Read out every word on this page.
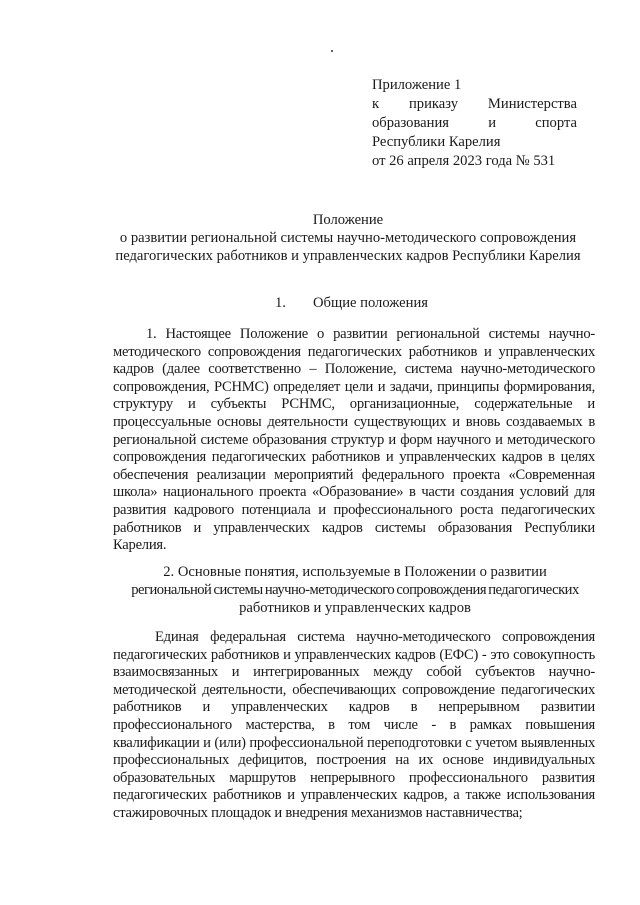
Приложение 1
к приказу Министерства
образования	и	спорта
Республики Карелия
от 26 апреля 2023 года № 531
Положение
о развитии региональной системы научно-методического сопровождения
педагогических работников и управленческих кадров Республики Карелия
1. Общие положения
1. Настоящее Положение о развитии региональной системы научно-методического сопровождения педагогических работников и управленческих кадров (далее соответственно – Положение, система научно-методического сопровождения, РСНМС) определяет цели и задачи, принципы формирования, структуру и субъекты РСНМС, организационные, содержательные и процессуальные основы деятельности существующих и вновь создаваемых в региональной системе образования структур и форм научного и методического сопровождения педагогических работников и управленческих кадров в целях обеспечения реализации мероприятий федерального проекта «Современная школа» национального проекта «Образование» в части создания условий для развития кадрового потенциала и профессионального роста педагогических работников и управленческих кадров системы образования Республики Карелия.
2. Основные понятия, используемые в Положении о развитии
региональной системы научно-методического сопровождения педагогических
работников и управленческих кадров
Единая федеральная система научно-методического сопровождения педагогических работников и управленческих кадров (ЕФС) - это совокупность взаимосвязанных и интегрированных между собой субъектов научно-методической деятельности, обеспечивающих сопровождение педагогических работников и управленческих кадров в непрерывном развитии профессионального мастерства, в том числе - в рамках повышения квалификации и (или) профессиональной переподготовки с учетом выявленных профессиональных дефицитов, построения на их основе индивидуальных образовательных маршрутов непрерывного профессионального развития педагогических работников и управленческих кадров, а также использования стажировочных площадок и внедрения механизмов наставничества;
